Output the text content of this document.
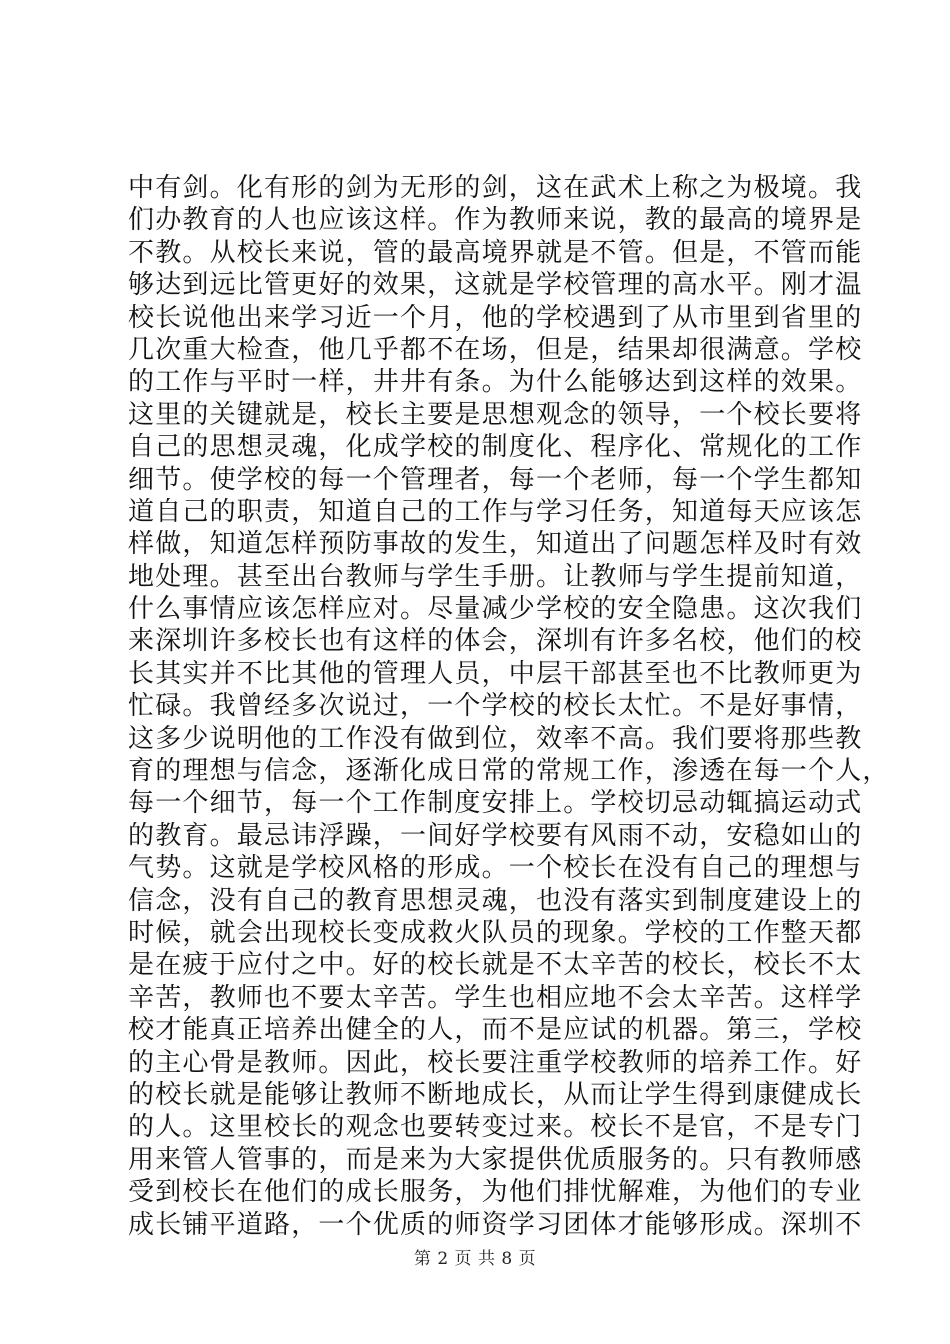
中有剑。化有形的剑为无形的剑，这在武术上称之为极境。我
们办教育的人也应该这样。作为教师来说，教的最高的境界是
不教。从校长来说，管的最高境界就是不管。但是，不管而能
够达到远比管更好的效果，这就是学校管理的高水平。刚才温
校长说他出来学习近一个月，他的学校遇到了从市里到省里的
几次重大检查，他几乎都不在场，但是，结果却很满意。学校
的工作与平时一样，井井有条。为什么能够达到这样的效果。
这里的关键就是，校长主要是思想观念的领导，一个校长要将
自己的思想灵魂，化成学校的制度化、程序化、常规化的工作
细节。使学校的每一个管理者，每一个老师，每一个学生都知
道自己的职责，知道自己的工作与学习任务，知道每天应该怎
样做，知道怎样预防事故的发生，知道出了问题怎样及时有效
地处理。甚至出台教师与学生手册。让教师与学生提前知道，
什么事情应该怎样应对。尽量减少学校的安全隐患。这次我们
来深圳许多校长也有这样的体会，深圳有许多名校，他们的校
长其实并不比其他的管理人员，中层干部甚至也不比教师更为
忙碌。我曾经多次说过，一个学校的校长太忙。不是好事情，
这多少说明他的工作没有做到位，效率不高。我们要将那些教
育的理想与信念，逐渐化成日常的常规工作，渗透在每一个人，
每一个细节，每一个工作制度安排上。学校切忌动辄搞运动式
的教育。最忌讳浮躁，一间好学校要有风雨不动，安稳如山的
气势。这就是学校风格的形成。一个校长在没有自己的理想与
信念，没有自己的教育思想灵魂，也没有落实到制度建设上的
时候，就会出现校长变成救火队员的现象。学校的工作整天都
是在疲于应付之中。好的校长就是不太辛苦的校长，校长不太
辛苦，教师也不要太辛苦。学生也相应地不会太辛苦。这样学
校才能真正培养出健全的人，而不是应试的机器。第三，学校
的主心骨是教师。因此，校长要注重学校教师的培养工作。好
的校长就是能够让教师不断地成长，从而让学生得到康健成长
的人。这里校长的观念也要转变过来。校长不是官，不是专门
用来管人管事的，而是来为大家提供优质服务的。只有教师感
受到校长在他们的成长服务，为他们排忧解难，为他们的专业
成长铺平道路，一个优质的师资学习团体才能够形成。深圳不
第 2 页 共 8 页
